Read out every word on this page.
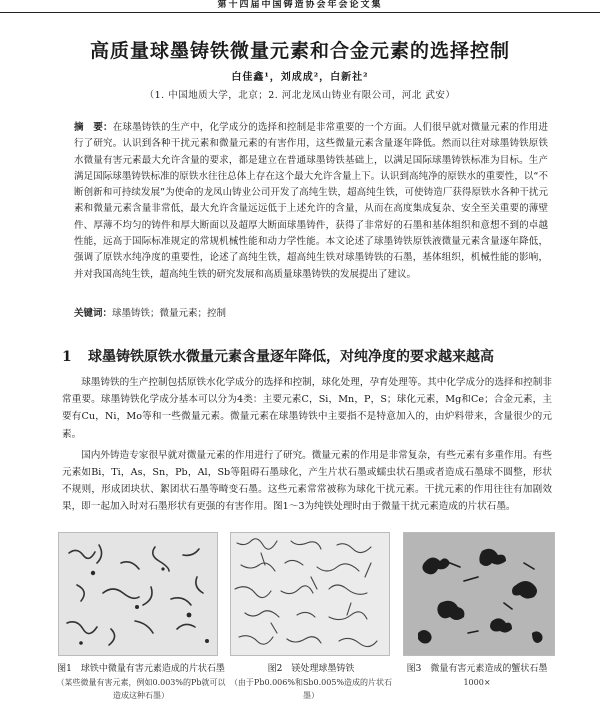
第十四届中国铸造协会年会论文集
高质量球墨铸铁微量元素和合金元素的选择控制
白佳鑫¹，刘成成²，白新社²
（1. 中国地质大学，北京；2. 河北龙凤山铸业有限公司，河北 武安）
摘　要：在球墨铸铁的生产中，化学成分的选择和控制是非常重要的一个方面。人们很早就对微量元素的作用进行了研究。认识到各种干扰元素和微量元素的有害作用，这些微量元素含量逐年降低。然而以往对球墨铸铁原铁水微量有害元素最大允许含量的要求，都是建立在普通球墨铸铁基础上，以满足国际球墨铸铁标准为目标。生产满足国际球墨铸铁标准的原铁水往往总体上存在这个最大允许含量上下。认识到高纯净的原铁水的重要性，以“不断创新和可持续发展”为使命的龙凤山铸业公司开发了高纯生铁，超高纯生铁，可使铸造厂获得原铁水各种干扰元素和微量元素含量非常低，最大允许含量远远低于上述允许的含量，从而在高度集成复杂、安全至关重要的薄壁件、厚薄不均匀的铸件和厚大断面以及超厚大断面球墨铸件，获得了非常好的石墨和基体组织和意想不到的卓越性能，远高于国际标准规定的常规机械性能和动力学性能。本文论述了球墨铸铁原铁液微量元素含量逐年降低，强调了原铁水纯净度的重要性，论述了高纯生铁，超高纯生铁对球墨铸铁的石墨，基体组织，机械性能的影响，并对我国高纯生铁，超高纯生铁的研究发展和高质量球墨铸铁的发展提出了建议。
关键词：球墨铸铁；微量元素；控制
1 球墨铸铁原铁水微量元素含量逐年降低，对纯净度的要求越来越高

球墨铸铁的生产控制包括原铁水化学成分的选择和控制，球化处理，孕育处理等。其中化学成分的选择和控制非常重要。球墨铸铁化学成分基本可以分为4类：主要元素C，Si，Mn，P，S；球化元素，Mg和Ce；合金元素，主要有Cu，Ni，Mo等和一些微量元素。微量元素在球墨铸铁中主要指不是特意加入的，由炉料带来，含量很少的元素。

国内外铸造专家很早就对微量元素的作用进行了研究。微量元素的作用是非常复杂，有些元素有多重作用。有些元素如Bi，Ti，As，Sn，Pb，Al，Sb等阻碍石墨球化，产生片状石墨或蠕虫状石墨或者造成石墨球不圆整，形状不规则，形成团块状、絮团状石墨等畸变石墨。这些元素常常被称为球化干扰元素。干扰元素的作用往往有加剧效果，即一起加入时对石墨形状有更强的有害作用。图1～3为纯铁处理时由于微量干扰元素造成的片状石墨。

图1　球铁中微量有害元素造成的片状石墨
（某些微量有害元素，例如0.003%的Pb就可以造成这种石墨）
图2　镁处理球墨铸铁
（由于Pb0.006%和Sb0.005%造成的片状石墨）
图3　微量有害元素造成的蟹状石墨
1000×
